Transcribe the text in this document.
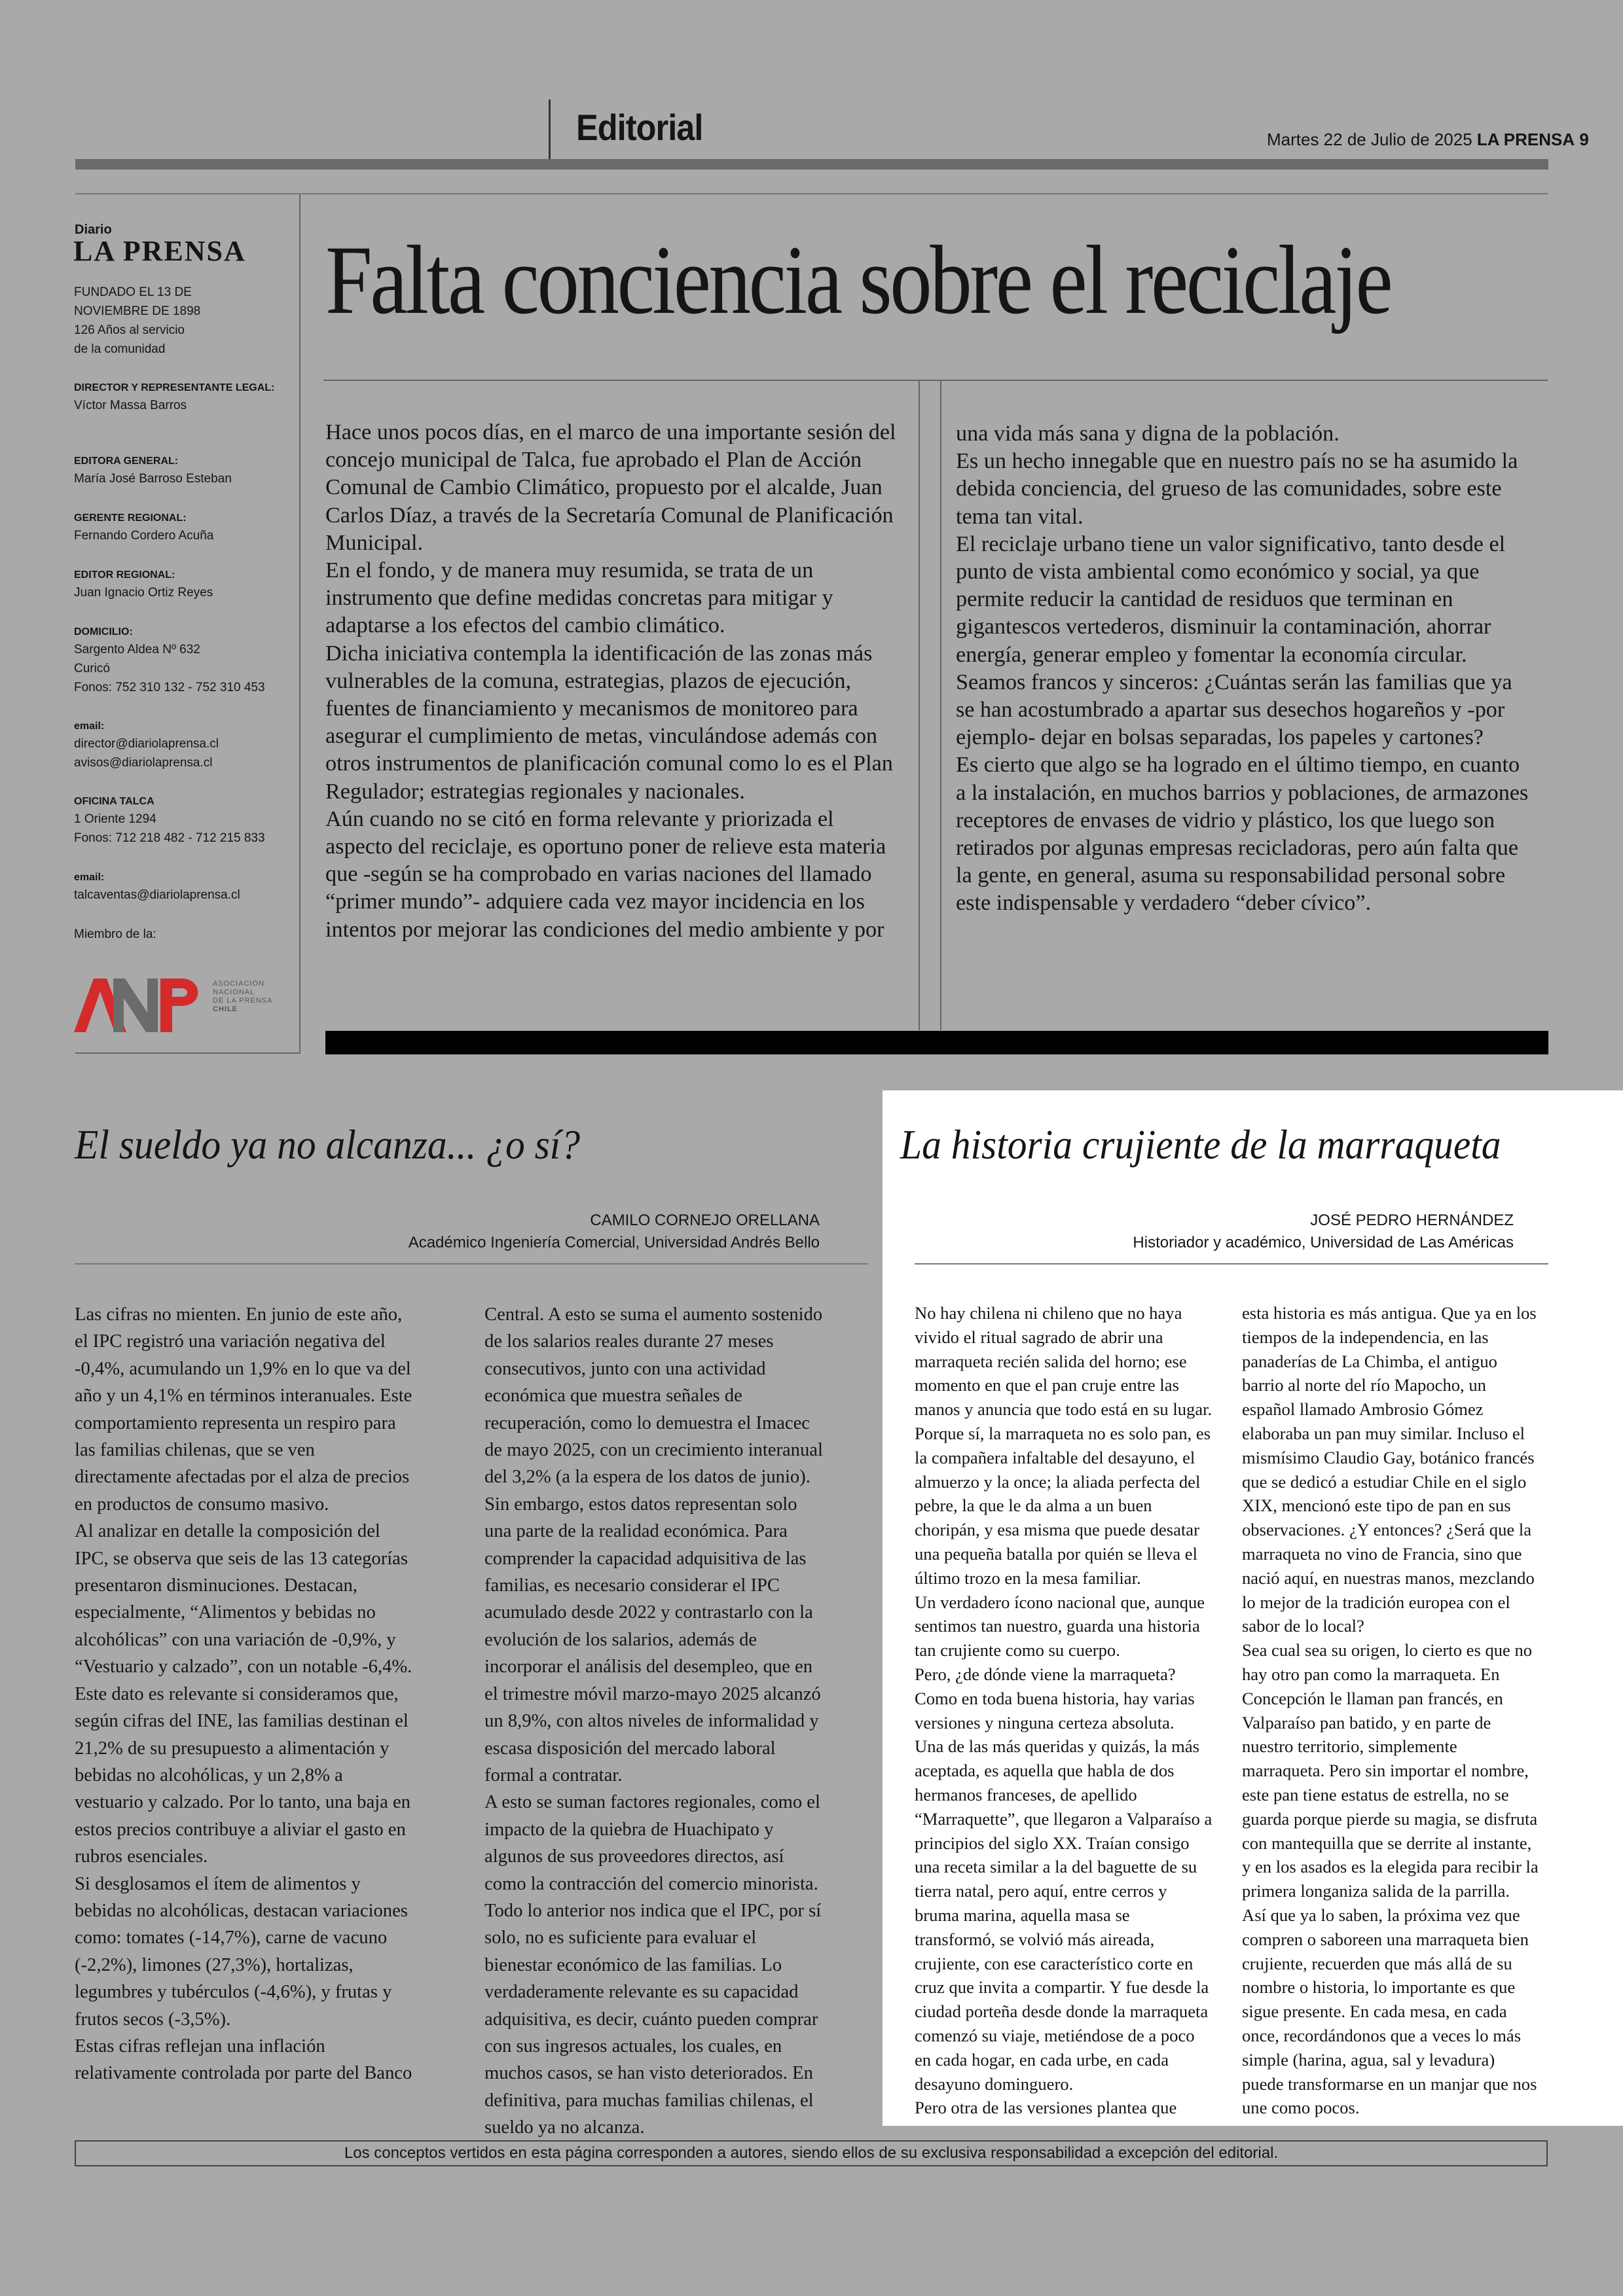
Editorial	Martes 22 de Julio de 2025 LA PRENSA 9
Diario
LA PRENSA
FUNDADO EL 13 DE
NOVIEMBRE DE 1898
126 Años al servicio
de la comunidad
DIRECTOR Y REPRESENTANTE LEGAL:
Víctor Massa Barros
EDITORA GENERAL:
María José Barroso Esteban
GERENTE REGIONAL:
Fernando Cordero Acuña
EDITOR REGIONAL:
Juan Ignacio Ortiz Reyes
DOMICILIO:
Sargento Aldea Nº 632
Curicó
Fonos: 752 310 132 - 752 310 453
email:
director@diariolaprensa.cl
avisos@diariolaprensa.cl
OFICINA TALCA
1 Oriente 1294
Fonos: 712 218 482 - 712 215 833
email:
talcaventas@diariolaprensa.cl
Miembro de la:
ASOCIACIÓN
NACIONAL
DE LA PRENSA
CHILE
Falta conciencia sobre el reciclaje

Hace unos pocos días, en el marco de una importante sesión del concejo municipal de Talca, fue aprobado el Plan de Acción Comunal de Cambio Climático, propuesto por el alcalde, Juan Carlos Díaz, a través de la Secretaría Comunal de Planificación Municipal.

En el fondo, y de manera muy resumida, se trata de un instrumento que define medidas concretas para mitigar y adaptarse a los efectos del cambio climático.

Dicha iniciativa contempla la identificación de las zonas más vulnerables de la comuna, estrategias, plazos de ejecución, fuentes de financiamiento y mecanismos de monitoreo para asegurar el cumplimiento de metas, vinculándose además con otros instrumentos de planificación comunal como lo es el Plan Regulador; estrategias regionales y nacionales.

Aún cuando no se citó en forma relevante y priorizada el aspecto del reciclaje, es oportuno poner de relieve esta materia que -según se ha comprobado en varias naciones del llamado “primer mundo”- adquiere cada vez mayor incidencia en los intentos por mejorar las condiciones del medio ambiente y por

una vida más sana y digna de la población.

Es un hecho innegable que en nuestro país no se ha asumido la debida conciencia, del grueso de las comunidades, sobre este tema tan vital.

El reciclaje urbano tiene un valor significativo, tanto desde el punto de vista ambiental como económico y social, ya que permite reducir la cantidad de residuos que terminan en gigantescos vertederos, disminuir la contaminación, ahorrar energía, generar empleo y fomentar la economía circular.

Seamos francos y sinceros: ¿Cuántas serán las familias que ya se han acostumbrado a apartar sus desechos hogareños y -por ejemplo- dejar en bolsas separadas, los papeles y cartones?

Es cierto que algo se ha logrado en el último tiempo, en cuanto a la instalación, en muchos barrios y poblaciones, de armazones receptores de envases de vidrio y plástico, los que luego son retirados por algunas empresas recicladoras, pero aún falta que la gente, en general, asuma su responsabilidad personal sobre este indispensable y verdadero “deber cívico”.

El sueldo ya no alcanza... ¿o sí?
CAMILO CORNEJO ORELLANA
Académico Ingeniería Comercial, Universidad Andrés Bello

Las cifras no mienten. En junio de este año, el IPC registró una variación negativa del -0,4%, acumulando un 1,9% en lo que va del año y un 4,1% en términos interanuales. Este comportamiento representa un respiro para las familias chilenas, que se ven directamente afectadas por el alza de precios en productos de consumo masivo.

Al analizar en detalle la composición del IPC, se observa que seis de las 13 categorías presentaron disminuciones. Destacan, especialmente, “Alimentos y bebidas no alcohólicas” con una variación de -0,9%, y “Vestuario y calzado”, con un notable -6,4%.

Este dato es relevante si consideramos que, según cifras del INE, las familias destinan el 21,2% de su presupuesto a alimentación y bebidas no alcohólicas, y un 2,8% a vestuario y calzado. Por lo tanto, una baja en estos precios contribuye a aliviar el gasto en rubros esenciales.

Si desglosamos el ítem de alimentos y bebidas no alcohólicas, destacan variaciones como: tomates (-14,7%), carne de vacuno (-2,2%), limones (27,3%), hortalizas, legumbres y tubérculos (-4,6%), y frutas y frutos secos (-3,5%).

Estas cifras reflejan una inflación relativamente controlada por parte del Banco

Central. A esto se suma el aumento sostenido de los salarios reales durante 27 meses consecutivos, junto con una actividad económica que muestra señales de recuperación, como lo demuestra el Imacec de mayo 2025, con un crecimiento interanual del 3,2% (a la espera de los datos de junio).

Sin embargo, estos datos representan solo una parte de la realidad económica. Para comprender la capacidad adquisitiva de las familias, es necesario considerar el IPC acumulado desde 2022 y contrastarlo con la evolución de los salarios, además de incorporar el análisis del desempleo, que en el trimestre móvil marzo-mayo 2025 alcanzó un 8,9%, con altos niveles de informalidad y escasa disposición del mercado laboral formal a contratar.

A esto se suman factores regionales, como el impacto de la quiebra de Huachipato y algunos de sus proveedores directos, así como la contracción del comercio minorista. Todo lo anterior nos indica que el IPC, por sí solo, no es suficiente para evaluar el bienestar económico de las familias. Lo verdaderamente relevante es su capacidad adquisitiva, es decir, cuánto pueden comprar con sus ingresos actuales, los cuales, en muchos casos, se han visto deteriorados. En definitiva, para muchas familias chilenas, el sueldo ya no alcanza.

La historia crujiente de la marraqueta
JOSÉ PEDRO HERNÁNDEZ
Historiador y académico, Universidad de Las Américas

No hay chilena ni chileno que no haya vivido el ritual sagrado de abrir una marraqueta recién salida del horno; ese momento en que el pan cruje entre las manos y anuncia que todo está en su lugar. Porque sí, la marraqueta no es solo pan, es la compañera infaltable del desayuno, el almuerzo y la once; la aliada perfecta del pebre, la que le da alma a un buen choripán, y esa misma que puede desatar una pequeña batalla por quién se lleva el último trozo en la mesa familiar.

Un verdadero ícono nacional que, aunque sentimos tan nuestro, guarda una historia tan crujiente como su cuerpo.

Pero, ¿de dónde viene la marraqueta? Como en toda buena historia, hay varias versiones y ninguna certeza absoluta.

Una de las más queridas y quizás, la más aceptada, es aquella que habla de dos hermanos franceses, de apellido “Marraquette”, que llegaron a Valparaíso a principios del siglo XX. Traían consigo una receta similar a la del baguette de su tierra natal, pero aquí, entre cerros y bruma marina, aquella masa se transformó, se volvió más aireada, crujiente, con ese característico corte en cruz que invita a compartir. Y fue desde la ciudad porteña desde donde la marraqueta comenzó su viaje, metiéndose de a poco en cada hogar, en cada urbe, en cada desayuno dominguero.

Pero otra de las versiones plantea que

esta historia es más antigua. Que ya en los tiempos de la independencia, en las panaderías de La Chimba, el antiguo barrio al norte del río Mapocho, un español llamado Ambrosio Gómez elaboraba un pan muy similar. Incluso el mismísimo Claudio Gay, botánico francés que se dedicó a estudiar Chile en el siglo XIX, mencionó este tipo de pan en sus observaciones. ¿Y entonces? ¿Será que la marraqueta no vino de Francia, sino que nació aquí, en nuestras manos, mezclando lo mejor de la tradición europea con el sabor de lo local?

Sea cual sea su origen, lo cierto es que no hay otro pan como la marraqueta. En Concepción le llaman pan francés, en Valparaíso pan batido, y en parte de nuestro territorio, simplemente marraqueta. Pero sin importar el nombre, este pan tiene estatus de estrella, no se guarda porque pierde su magia, se disfruta con mantequilla que se derrite al instante, y en los asados es la elegida para recibir la primera longaniza salida de la parrilla.

Así que ya lo saben, la próxima vez que compren o saboreen una marraqueta bien crujiente, recuerden que más allá de su nombre o historia, lo importante es que sigue presente. En cada mesa, en cada once, recordándonos que a veces lo más simple (harina, agua, sal y levadura) puede transformarse en un manjar que nos une como pocos.

Los conceptos vertidos en esta página corresponden a autores, siendo ellos de su exclusiva responsabilidad a excepción del editorial.
